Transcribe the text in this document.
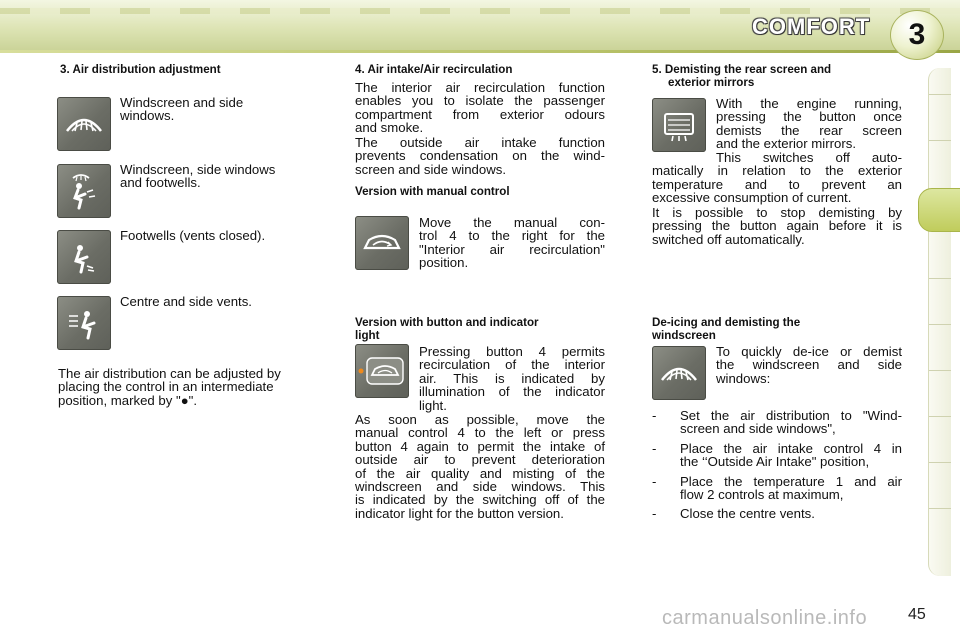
COMFORT	3
3. Air distribution adjustment
Windscreen and side
windows.
Windscreen, side windows
and footwells.
Footwells (vents closed).
Centre and side vents.
The air distribution can be adjusted by
placing the control in an intermediate
position, marked by "●".
4. Air intake/Air recirculation
The interior air recirculation function
enables you to isolate the passenger
compartment from exterior odours
and smoke.
The outside air intake function
prevents condensation on the wind-
screen and side windows.
Version with manual control
Move the manual con-
trol 4 to the right for the
"Interior air recirculation"
position.
Version with button and indicator
light
Pressing button 4 permits
recirculation of the interior
air. This is indicated by
illumination of the indicator
light.
As soon as possible, move the
manual control 4 to the left or press
button 4 again to permit the intake of
outside air to prevent deterioration
of the air quality and misting of the
windscreen and side windows. This
is indicated by the switching off of the
indicator light for the button version.
5. Demisting the rear screen and
exterior mirrors
With the engine running,
pressing the button once
demists the rear screen
and the exterior mirrors.
This switches off auto-
matically in relation to the exterior
temperature and to prevent an
excessive consumption of current.
It is possible to stop demisting by
pressing the button again before it is
switched off automatically.
De-icing and demisting the
windscreen
To quickly de-ice or demist
the windscreen and side
windows:
- Set the air distribution to "Wind-
screen and side windows",
- Place the air intake control 4 in
the ‘‘Outside Air Intake" position,
- Place the temperature 1 and air
flow 2 controls at maximum,
- Close the centre vents.
carmanualsonline.info	45
